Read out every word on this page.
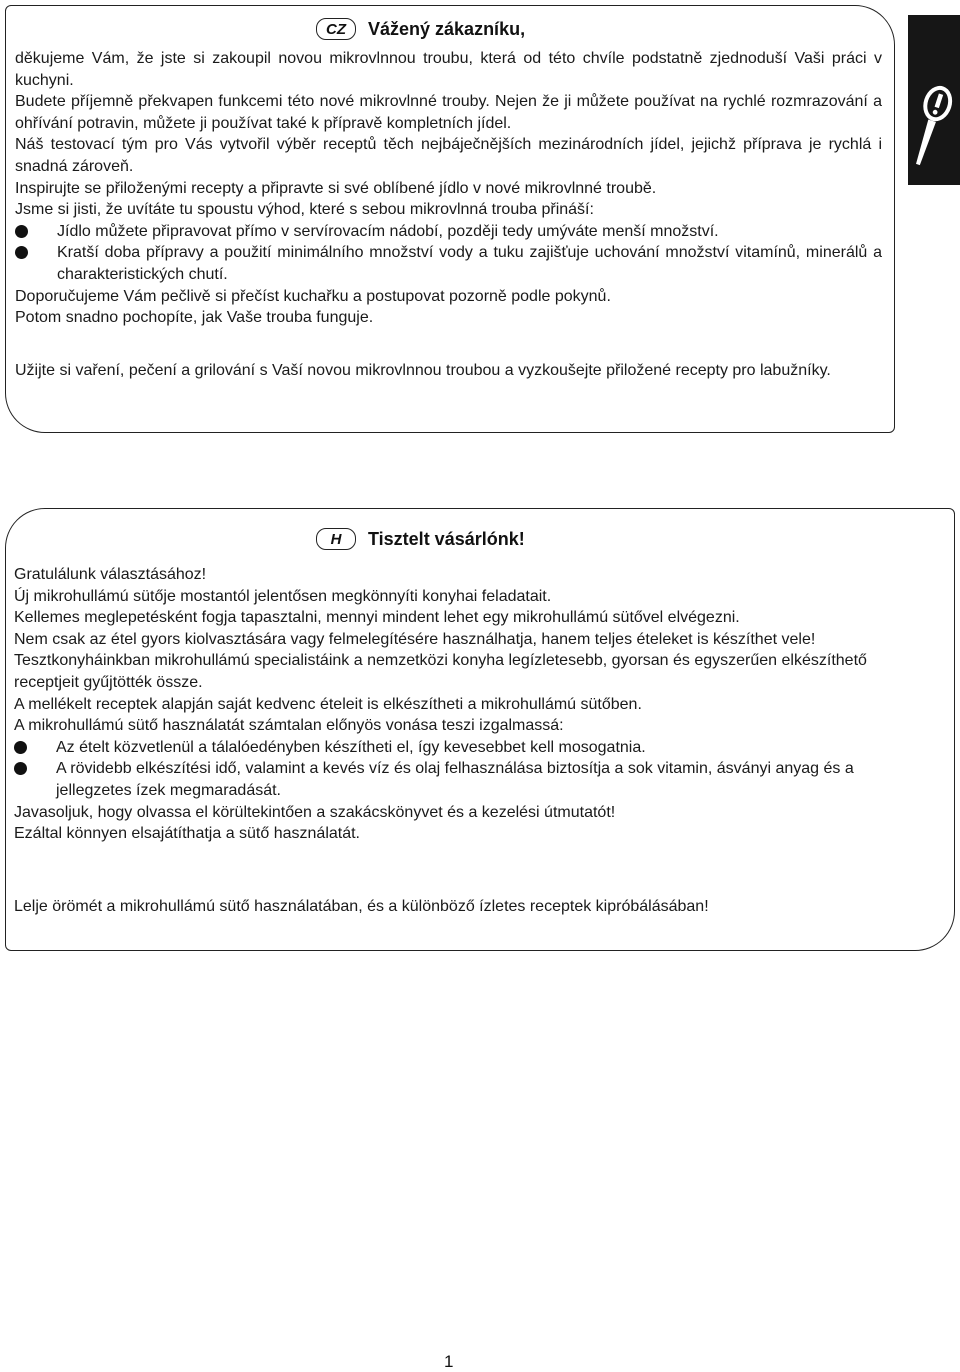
CZ	Vážený zákazníku,

děkujeme Vám, že jste si zakoupil novou mikrovlnnou troubu, která od této chvíle podstatně zjednoduší Vaši práci v kuchyni.

Budete příjemně překvapen funkcemi této nové mikrovlnné trouby. Nejen že ji můžete používat na rychlé rozmrazování a ohřívání potravin, můžete ji používat také k přípravě kompletních jídel.

Náš testovací tým pro Vás vytvořil výběr receptů těch nejbáječnějších mezinárodních jídel, jejichž příprava je rychlá i snadná zároveň.

Inspirujte se přiloženými recepty a připravte si své oblíbené jídlo v nové mikrovlnné troubě.

Jsme si jisti, že uvítáte tu spoustu výhod, které s sebou mikrovlnná trouba přináší:

Jídlo můžete připravovat přímo v servírovacím nádobí, později tedy umýváte menší množství.

Kratší doba přípravy a použití minimálního množství vody a tuku zajišťuje uchování množství vitamínů, minerálů a charakteristických chutí.

Doporučujeme Vám pečlivě si přečíst kuchařku a postupovat pozorně podle pokynů.

Potom snadno pochopíte, jak Vaše trouba funguje.

Užijte si vaření, pečení a grilování s Vaší novou mikrovlnnou troubou a vyzkoušejte přiložené recepty pro labužníky.

H	Tisztelt vásárlónk!

Gratulálunk választásához!

Új mikrohullámú sütője mostantól jelentősen megkönnyíti konyhai feladatait.

Kellemes meglepetésként fogja tapasztalni, mennyi mindent lehet egy mikrohullámú sütővel elvégezni.

Nem csak az étel gyors kiolvasztására vagy felmelegítésére használhatja, hanem teljes ételeket is készíthet vele!

Tesztkonyháinkban mikrohullámú specialistáink a nemzetközi konyha legízletesebb, gyorsan és egyszerűen elkészíthető receptjeit gyűjtötték össze.

A mellékelt receptek alapján saját kedvenc ételeit is elkészítheti a mikrohullámú sütőben.

A mikrohullámú sütő használatát számtalan előnyös vonása teszi izgalmassá:

Az ételt közvetlenül a tálalóedényben készítheti el, így kevesebbet kell mosogatnia.

A rövidebb elkészítési idő, valamint a kevés víz és olaj felhasználása biztosítja a sok vitamin, ásványi anyag és a jellegzetes ízek megmaradását.

Javasoljuk, hogy olvassa el körültekintően a szakácskönyvet és a kezelési útmutatót!

Ezáltal könnyen elsajátíthatja a sütő használatát.

Lelje örömét a mikrohullámú sütő használatában, és a különböző ízletes receptek kipróbálásában!

1
